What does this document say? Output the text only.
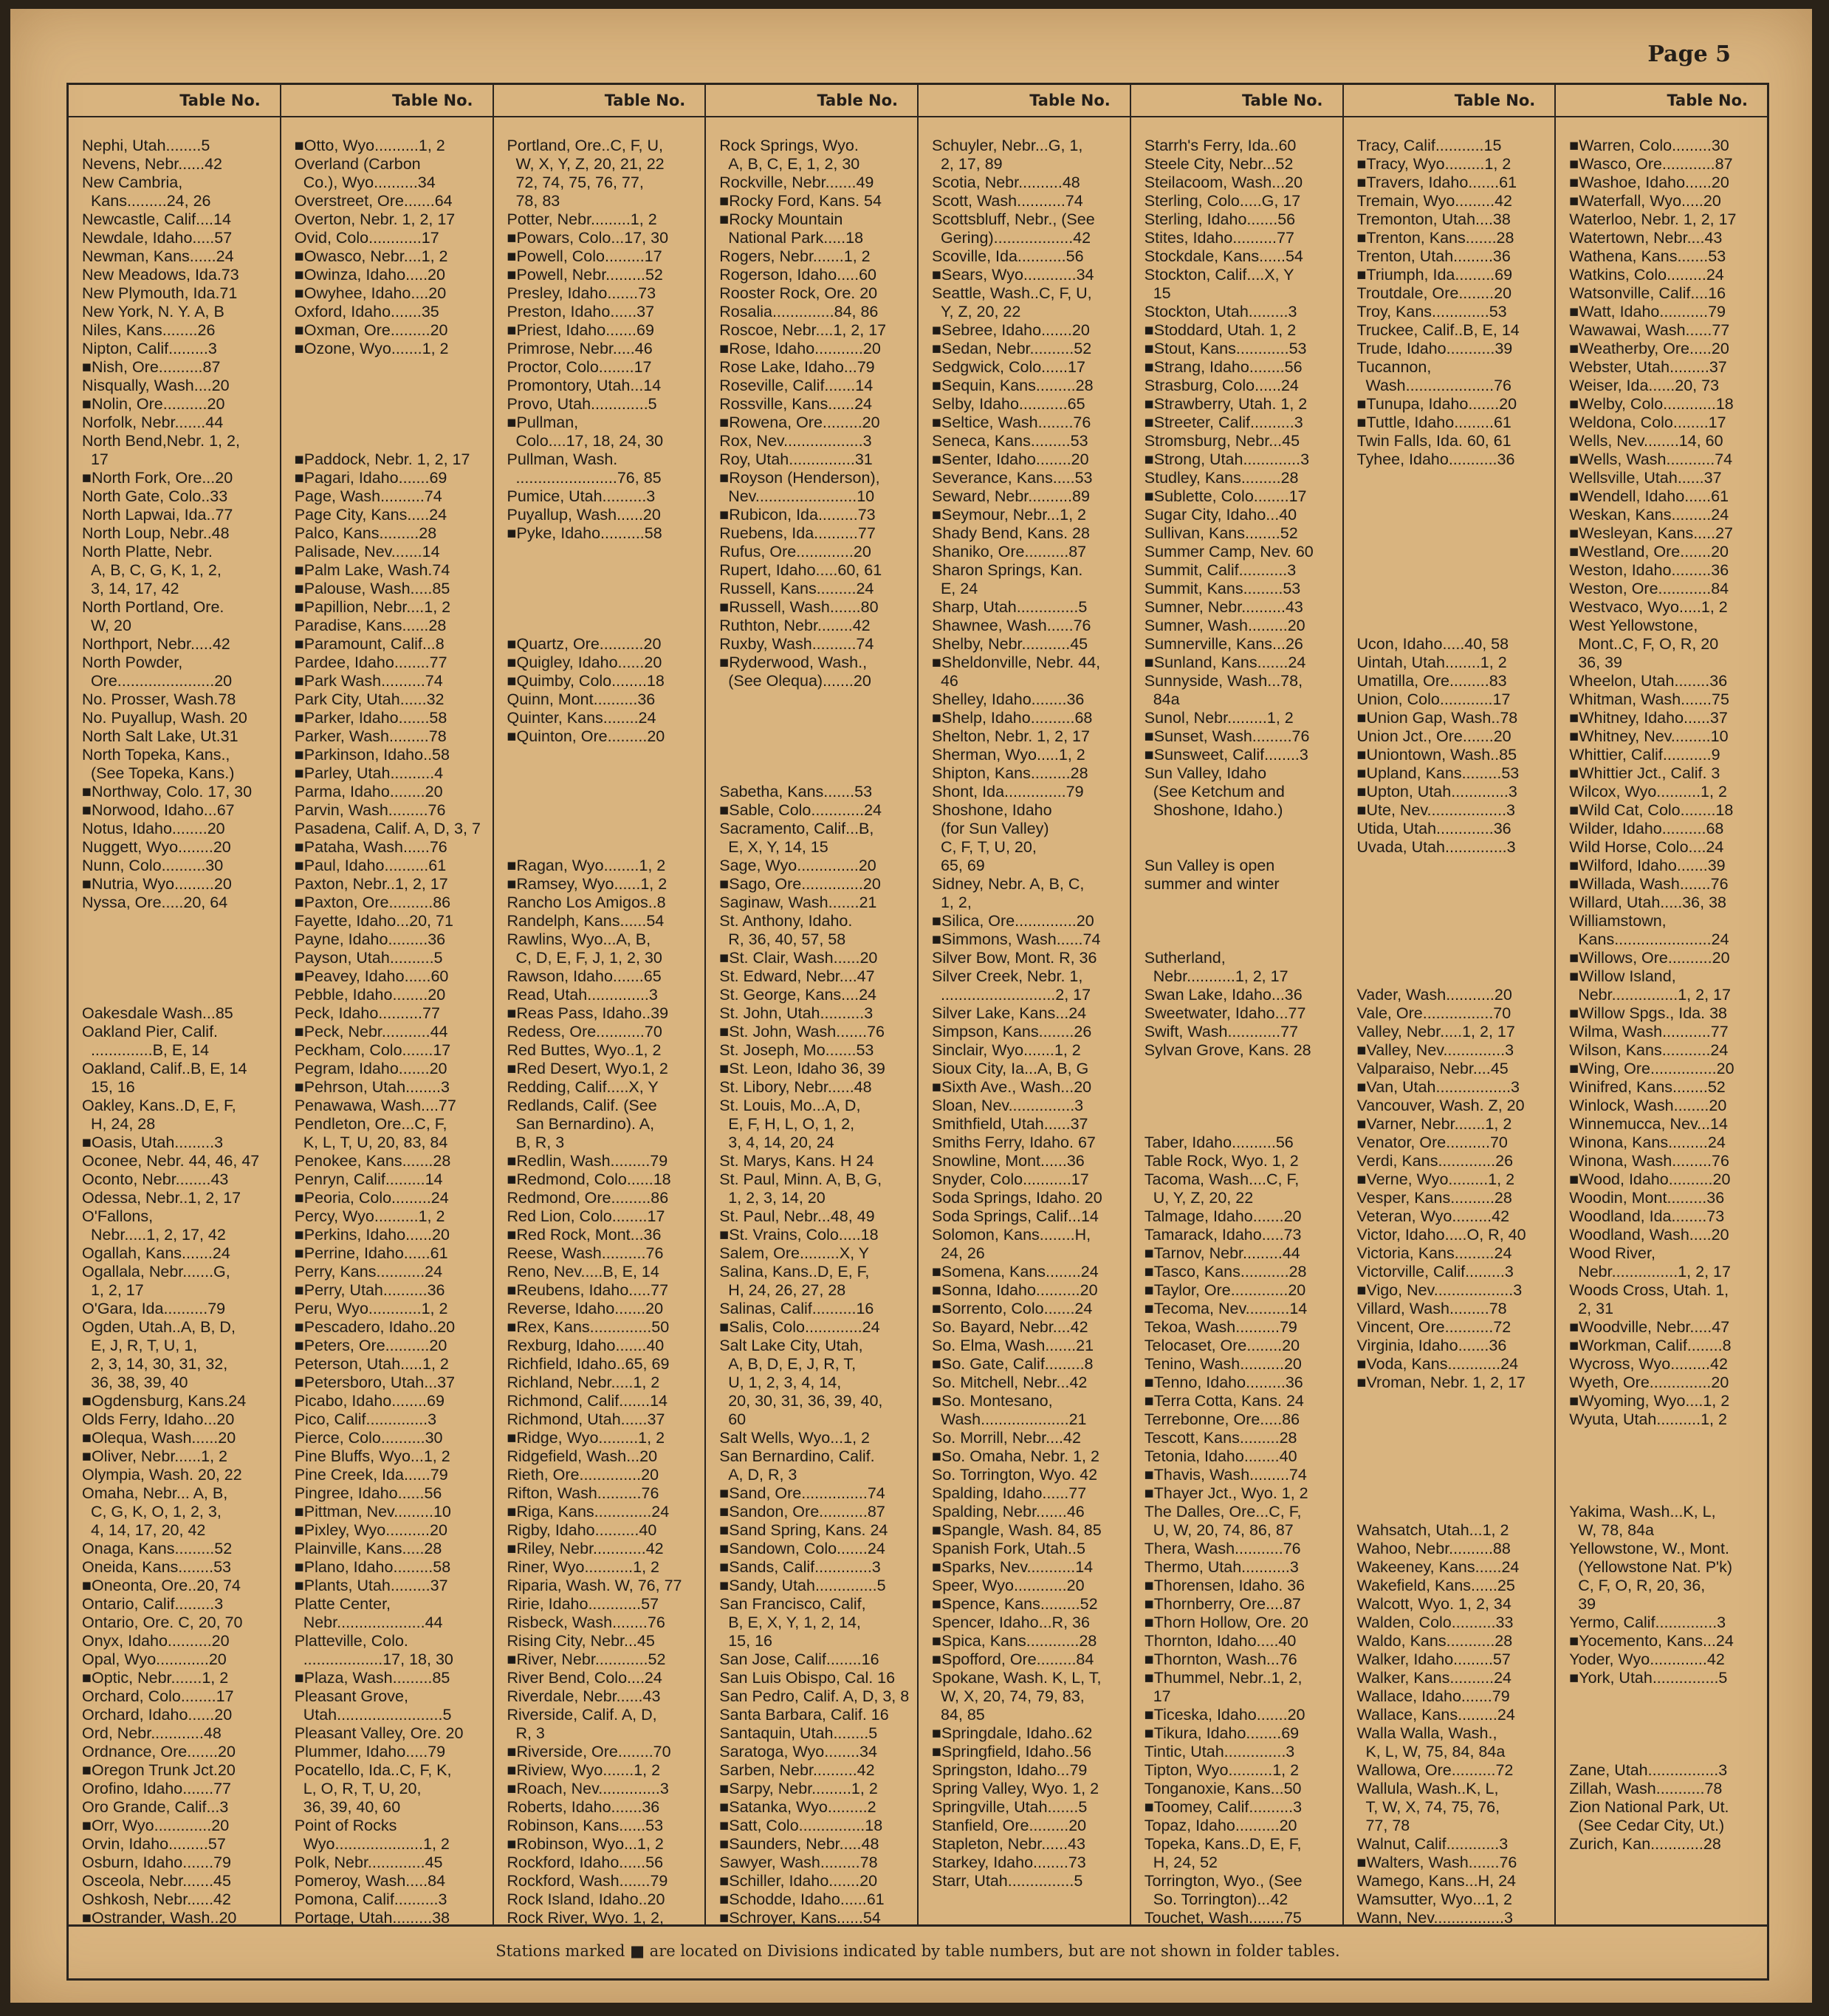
Page 5
Table No.
Nephi, Utah........5
Nevens, Nebr......42
New Cambria,
Kans.........24, 26
Newcastle, Calif....14
Newdale, Idaho.....57
Newman, Kans......24
New Meadows, Ida.73
New Plymouth, Ida.71
New York, N. Y. A, B
Niles, Kans........26
Nipton, Calif.........3
■Nish, Ore..........87
Nisqually, Wash....20
■Nolin, Ore..........20
Norfolk, Nebr.......44
North Bend,Nebr. 1, 2,
17
■North Fork, Ore...20
North Gate, Colo..33
North Lapwai, Ida..77
North Loup, Nebr..48
North Platte, Nebr.
A, B, C, G, K, 1, 2,
3, 14, 17, 42
North Portland, Ore.
W, 20
Northport, Nebr.....42
North Powder,
Ore......................20
No. Prosser, Wash.78
No. Puyallup, Wash. 20
North Salt Lake, Ut.31
North Topeka, Kans.,
(See Topeka, Kans.)
■Northway, Colo. 17, 30
■Norwood, Idaho...67
Notus, Idaho........20
Nuggett, Wyo........20
Nunn, Colo..........30
■Nutria, Wyo.........20
Nyssa, Ore.....20, 64

Oakesdale Wash...85
Oakland Pier, Calif.
..............B, E, 14
Oakland, Calif..B, E, 14
15, 16
Oakley, Kans..D, E, F,
H, 24, 28
■Oasis, Utah.........3
Oconee, Nebr. 44, 46, 47
Oconto, Nebr........43
Odessa, Nebr..1, 2, 17
O'Fallons,
Nebr.....1, 2, 17, 42
Ogallah, Kans.......24
Ogallala, Nebr.......G,
1, 2, 17
O'Gara, Ida..........79
Ogden, Utah..A, B, D,
E, J, R, T, U, 1,
2, 3, 14, 30, 31, 32,
36, 38, 39, 40
■Ogdensburg, Kans.24
Olds Ferry, Idaho...20
■Olequa, Wash......20
■Oliver, Nebr......1, 2
Olympia, Wash. 20, 22
Omaha, Nebr... A, B,
C, G, K, O, 1, 2, 3,
4, 14, 17, 20, 42
Onaga, Kans.........52
Oneida, Kans........53
■Oneonta, Ore..20, 74
Ontario, Calif.........3
Ontario, Ore. C, 20, 70
Onyx, Idaho..........20
Opal, Wyo............20
■Optic, Nebr.......1, 2
Orchard, Colo........17
Orchard, Idaho......20
Ord, Nebr............48
Ordnance, Ore.......20
■Oregon Trunk Jct.20
Orofino, Idaho.......77
Oro Grande, Calif...3
■Orr, Wyo.............20
Orvin, Idaho.........57
Osburn, Idaho.......79
Osceola, Nebr.......45
Oshkosh, Nebr......42
■Ostrander, Wash..20
Table No.
■Otto, Wyo..........1, 2
Overland (Carbon
Co.), Wyo..........34
Overstreet, Ore.......64
Overton, Nebr. 1, 2, 17
Ovid, Colo............17
■Owasco, Nebr....1, 2
■Owinza, Idaho.....20
■Owyhee, Idaho....20
Oxford, Idaho.......35
■Oxman, Ore.........20
■Ozone, Wyo.......1, 2

■Paddock, Nebr. 1, 2, 17
■Pagari, Idaho.......69
Page, Wash..........74
Page City, Kans.....24
Palco, Kans.........28
Palisade, Nev.......14
■Palm Lake, Wash.74
■Palouse, Wash.....85
■Papillion, Nebr....1, 2
Paradise, Kans......28
■Paramount, Calif...8
Pardee, Idaho........77
■Park Wash..........74
Park City, Utah......32
■Parker, Idaho.......58
Parker, Wash.........78
■Parkinson, Idaho..58
■Parley, Utah..........4
Parma, Idaho........20
Parvin, Wash.........76
Pasadena, Calif. A, D, 3, 7
■Pataha, Wash......76
■Paul, Idaho..........61
Paxton, Nebr..1, 2, 17
■Paxton, Ore..........86
Fayette, Idaho...20, 71
Payne, Idaho.........36
Payson, Utah..........5
■Peavey, Idaho......60
Pebble, Idaho........20
Peck, Idaho..........77
■Peck, Nebr...........44
Peckham, Colo.......17
Pegram, Idaho.......20
■Pehrson, Utah........3
Penawawa, Wash....77
Pendleton, Ore...C, F,
K, L, T, U, 20, 83, 84
Penokee, Kans.......28
Penryn, Calif.........14
■Peoria, Colo.........24
Percy, Wyo..........1, 2
■Perkins, Idaho......20
■Perrine, Idaho......61
Perry, Kans...........24
■Perry, Utah..........36
Peru, Wyo............1, 2
■Pescadero, Idaho..20
■Peters, Ore..........20
Peterson, Utah.....1, 2
■Petersboro, Utah...37
Picabo, Idaho........69
Pico, Calif..............3
Pierce, Colo..........30
Pine Bluffs, Wyo...1, 2
Pine Creek, Ida......79
Pingree, Idaho......56
■Pittman, Nev.........10
■Pixley, Wyo..........20
Plainville, Kans.....28
■Plano, Idaho.........58
■Plants, Utah.........37
Platte Center,
Nebr....................44
Platteville, Colo.
..................17, 18, 30
■Plaza, Wash.........85
Pleasant Grove,
Utah........................5
Pleasant Valley, Ore. 20
Plummer, Idaho.....79
Pocatello, Ida..C, F, K,
L, O, R, T, U, 20,
36, 39, 40, 60
Point of Rocks
Wyo....................1, 2
Polk, Nebr.............45
Pomeroy, Wash.....84
Pomona, Calif..........3
Portage, Utah.........38
Table No.
Portland, Ore..C, F, U,
W, X, Y, Z, 20, 21, 22
72, 74, 75, 76, 77,
78, 83
Potter, Nebr.........1, 2
■Powars, Colo...17, 30
■Powell, Colo.........17
■Powell, Nebr.........52
Presley, Idaho.......73
Preston, Idaho......37
■Priest, Idaho.......69
Primrose, Nebr.....46
Proctor, Colo........17
Promontory, Utah...14
Provo, Utah.............5
■Pullman,
Colo....17, 18, 24, 30
Pullman, Wash.
.......................76, 85
Pumice, Utah..........3
Puyallup, Wash......20
■Pyke, Idaho..........58

■Quartz, Ore..........20
■Quigley, Idaho......20
■Quimby, Colo........18
Quinn, Mont..........36
Quinter, Kans........24
■Quinton, Ore.........20

■Ragan, Wyo........1, 2
■Ramsey, Wyo......1, 2
Rancho Los Amigos..8
Randelph, Kans......54
Rawlins, Wyo...A, B,
C, D, E, F, J, 1, 2, 30
Rawson, Idaho.......65
Read, Utah..............3
■Reas Pass, Idaho..39
Redess, Ore...........70
Red Buttes, Wyo..1, 2
■Red Desert, Wyo.1, 2
Redding, Calif.....X, Y
Redlands, Calif. (See
San Bernardino). A,
B, R, 3
■Redlin, Wash.........79
■Redmond, Colo......18
Redmond, Ore.........86
Red Lion, Colo........17
■Red Rock, Mont...36
Reese, Wash..........76
Reno, Nev.....B, E, 14
■Reubens, Idaho.....77
Reverse, Idaho.......20
■Rex, Kans..............50
Rexburg, Idaho.......40
Richfield, Idaho..65, 69
Richland, Nebr.....1, 2
Richmond, Calif.......14
Richmond, Utah......37
■Ridge, Wyo.........1, 2
Ridgefield, Wash...20
Rieth, Ore..............20
Rifton, Wash..........76
■Riga, Kans.............24
Rigby, Idaho..........40
■Riley, Nebr............42
Riner, Wyo...........1, 2
Riparia, Wash. W, 76, 77
Ririe, Idaho............57
Risbeck, Wash........76
Rising City, Nebr...45
■River, Nebr............52
River Bend, Colo....24
Riverdale, Nebr......43
Riverside, Calif. A, D,
R, 3
■Riverside, Ore........70
■Riview, Wyo.......1, 2
■Roach, Nev..............3
Roberts, Idaho.......36
Robinson, Kans......53
■Robinson, Wyo...1, 2
Rockford, Idaho......56
Rockford, Wash.......79
Rock Island, Idaho..20
Rock River, Wyo. 1, 2,
Table No.
Rock Springs, Wyo.
A, B, C, E, 1, 2, 30
Rockville, Nebr.......49
■Rocky Ford, Kans. 54
■Rocky Mountain
National Park.....18
Rogers, Nebr.......1, 2
Rogerson, Idaho.....60
Rooster Rock, Ore. 20
Rosalia..............84, 86
Roscoe, Nebr....1, 2, 17
■Rose, Idaho...........20
Rose Lake, Idaho...79
Roseville, Calif.......14
Rossville, Kans......24
■Rowena, Ore.........20
Rox, Nev..................3
Roy, Utah...............31
■Royson (Henderson),
Nev.......................10
■Rubicon, Ida.........73
Ruebens, Ida..........77
Rufus, Ore.............20
Rupert, Idaho.....60, 61
Russell, Kans.........24
■Russell, Wash.......80
Ruthton, Nebr........42
Ruxby, Wash..........74
■Ryderwood, Wash.,
(See Olequa).......20

Sabetha, Kans.......53
■Sable, Colo............24
Sacramento, Calif...B,
E, X, Y, 14, 15
Sage, Wyo..............20
■Sago, Ore..............20
Saginaw, Wash.......21
St. Anthony, Idaho.
R, 36, 40, 57, 58
■St. Clair, Wash......20
St. Edward, Nebr....47
St. George, Kans....24
St. John, Utah..........3
■St. John, Wash.......76
St. Joseph, Mo.......53
■St. Leon, Idaho 36, 39
St. Libory, Nebr......48
St. Louis, Mo...A, D,
E, F, H, L, O, 1, 2,
3, 4, 14, 20, 24
St. Marys, Kans. H 24
St. Paul, Minn. A, B, G,
1, 2, 3, 14, 20
St. Paul, Nebr...48, 49
■St. Vrains, Colo.....18
Salem, Ore.........X, Y
Salina, Kans..D, E, F,
H, 24, 26, 27, 28
Salinas, Calif..........16
■Salis, Colo.............24
Salt Lake City, Utah,
A, B, D, E, J, R, T,
U, 1, 2, 3, 4, 14,
20, 30, 31, 36, 39, 40,
60
Salt Wells, Wyo...1, 2
San Bernardino, Calif.
A, D, R, 3
■Sand, Ore...............74
■Sandon, Ore...........87
■Sand Spring, Kans. 24
■Sandown, Colo.......24
■Sands, Calif.............3
■Sandy, Utah..............5
San Francisco, Calif,
B, E, X, Y, 1, 2, 14,
15, 16
San Jose, Calif........16
San Luis Obispo, Cal. 16
San Pedro, Calif. A, D, 3, 8
Santa Barbara, Calif. 16
Santaquin, Utah........5
Saratoga, Wyo........34
Sarben, Nebr..........42
■Sarpy, Nebr.........1, 2
■Satanka, Wyo.........2
■Satt, Colo...............18
■Saunders, Nebr.....48
Sawyer, Wash.........78
■Schiller, Idaho.......20
■Schodde, Idaho......61
■Schroyer, Kans......54
Table No.
Schuyler, Nebr...G, 1,
2, 17, 89
Scotia, Nebr..........48
Scott, Wash...........74
Scottsbluff, Nebr., (See
Gering)..................42
Scoville, Ida...........56
■Sears, Wyo............34
Seattle, Wash..C, F, U,
Y, Z, 20, 22
■Sebree, Idaho.......20
■Sedan, Nebr..........52
Sedgwick, Colo......17
■Sequin, Kans.........28
Selby, Idaho...........65
■Seltice, Wash........76
Seneca, Kans.........53
■Senter, Idaho........20
Severance, Kans.....53
Seward, Nebr..........89
■Seymour, Nebr...1, 2
Shady Bend, Kans. 28
Shaniko, Ore..........87
Sharon Springs, Kan.
E, 24
Sharp, Utah..............5
Shawnee, Wash......76
Shelby, Nebr...........45
■Sheldonville, Nebr. 44,
46
Shelley, Idaho........36
■Shelp, Idaho..........68
Shelton, Nebr. 1, 2, 17
Sherman, Wyo.....1, 2
Shipton, Kans.........28
Shont, Ida..............79
Shoshone, Idaho
(for Sun Valley)
C, F, T, U, 20,
65, 69
Sidney, Nebr. A, B, C,
1, 2,
■Silica, Ore..............20
■Simmons, Wash......74
Silver Bow, Mont. R, 36
Silver Creek, Nebr. 1,
..........................2, 17
Silver Lake, Kans...24
Simpson, Kans........26
Sinclair, Wyo.......1, 2
Sioux City, Ia...A, B, G
■Sixth Ave., Wash...20
Sloan, Nev...............3
Smithfield, Utah......37
Smiths Ferry, Idaho. 67
Snowline, Mont......36
Snyder, Colo...........17
Soda Springs, Idaho. 20
Soda Springs, Calif...14
Solomon, Kans........H,
24, 26
■Somena, Kans........24
■Sonna, Idaho..........20
■Sorrento, Colo.......24
So. Bayard, Nebr....42
So. Elma, Wash.......21
■So. Gate, Calif.........8
So. Mitchell, Nebr...42
■So. Montesano,
Wash....................21
So. Morrill, Nebr....42
■So. Omaha, Nebr. 1, 2
So. Torrington, Wyo. 42
Spalding, Idaho......77
Spalding, Nebr.......46
■Spangle, Wash. 84, 85
Spanish Fork, Utah..5
■Sparks, Nev...........14
Speer, Wyo............20
■Spence, Kans.........52
Spencer, Idaho...R, 36
■Spica, Kans............28
■Spofford, Ore.........84
Spokane, Wash. K, L, T,
W, X, 20, 74, 79, 83,
84, 85
■Springdale, Idaho..62
■Springfield, Idaho..56
Springston, Idaho...79
Spring Valley, Wyo. 1, 2
Springville, Utah.......5
Stanfield, Ore.........20
Stapleton, Nebr......43
Starkey, Idaho........73
Starr, Utah...............5
Table No.
Starrh's Ferry, Ida..60
Steele City, Nebr...52
Steilacoom, Wash...20
Sterling, Colo.....G, 17
Sterling, Idaho.......56
Stites, Idaho..........77
Stockdale, Kans......54
Stockton, Calif....X, Y
15
Stockton, Utah.........3
■Stoddard, Utah. 1, 2
■Stout, Kans............53
■Strang, Idaho........56
Strasburg, Colo......24
■Strawberry, Utah. 1, 2
■Streeter, Calif..........3
Stromsburg, Nebr...45
■Strong, Utah.............3
Studley, Kans.........28
■Sublette, Colo........17
Sugar City, Idaho...40
Sullivan, Kans........52
Summer Camp, Nev. 60
Summit, Calif...........3
Summit, Kans.........53
Sumner, Nebr..........43
Sumner, Wash.........20
Sumnerville, Kans...26
■Sunland, Kans.......24
Sunnyside, Wash...78,
84a
Sunol, Nebr.........1, 2
■Sunset, Wash.........76
■Sunsweet, Calif........3
Sun Valley, Idaho
(See Ketchum and
Shoshone, Idaho.)

Sun Valley is open
summer and winter

Sutherland,
Nebr...........1, 2, 17
Swan Lake, Idaho...36
Sweetwater, Idaho...77
Swift, Wash............77
Sylvan Grove, Kans. 28

Taber, Idaho..........56
Table Rock, Wyo. 1, 2
Tacoma, Wash....C, F,
U, Y, Z, 20, 22
Talmage, Idaho.......20
Tamarack, Idaho.....73
■Tarnov, Nebr.........44
■Tasco, Kans...........28
■Taylor, Ore.............20
■Tecoma, Nev..........14
Tekoa, Wash..........79
Telocaset, Ore........20
Tenino, Wash..........20
■Tenno, Idaho.........36
■Terra Cotta, Kans. 24
Terrebonne, Ore.....86
Tescott, Kans.........28
Tetonia, Idaho........40
■Thavis, Wash.........74
■Thayer Jct., Wyo. 1, 2
The Dalles, Ore...C, F,
U, W, 20, 74, 86, 87
Thera, Wash...........76
Thermo, Utah...........3
■Thorensen, Idaho. 36
■Thornberry, Ore....87
■Thorn Hollow, Ore. 20
Thornton, Idaho.....40
■Thornton, Wash...76
■Thummel, Nebr..1, 2,
17
■Ticeska, Idaho.......20
■Tikura, Idaho........69
Tintic, Utah..............3
Tipton, Wyo..........1, 2
Tonganoxie, Kans...50
■Toomey, Calif..........3
Topaz, Idaho..........20
Topeka, Kans..D, E, F,
H, 24, 52
Torrington, Wyo., (See
So. Torrington)...42
Touchet, Wash........75
Table No.
Tracy, Calif...........15
■Tracy, Wyo.........1, 2
■Travers, Idaho.......61
Tremain, Wyo.........42
Tremonton, Utah....38
■Trenton, Kans.......28
Trenton, Utah.........36
■Triumph, Ida.........69
Troutdale, Ore........20
Troy, Kans.............53
Truckee, Calif..B, E, 14
Trude, Idaho...........39
Tucannon,
Wash....................76
■Tunupa, Idaho.......20
■Tuttle, Idaho.........61
Twin Falls, Ida. 60, 61
Tyhee, Idaho...........36

Ucon, Idaho.....40, 58
Uintah, Utah........1, 2
Umatilla, Ore.........83
Union, Colo............17
■Union Gap, Wash..78
Union Jct., Ore.......20
■Uniontown, Wash..85
■Upland, Kans.........53
■Upton, Utah.............3
■Ute, Nev..................3
Utida, Utah.............36
Uvada, Utah..............3

Vader, Wash...........20
Vale, Ore................70
Valley, Nebr.....1, 2, 17
■Valley, Nev..............3
Valparaiso, Nebr....45
■Van, Utah.................3
Vancouver, Wash. Z, 20
■Varner, Nebr.......1, 2
Venator, Ore..........70
Verdi, Kans.............26
■Verne, Wyo.........1, 2
Vesper, Kans..........28
Veteran, Wyo.........42
Victor, Idaho.....O, R, 40
Victoria, Kans.........24
Victorville, Calif.........3
■Vigo, Nev..................3
Villard, Wash.........78
Vincent, Ore...........72
Virginia, Idaho.......36
■Voda, Kans............24
■Vroman, Nebr. 1, 2, 17

Wahsatch, Utah...1, 2
Wahoo, Nebr..........88
Wakeeney, Kans......24
Wakefield, Kans......25
Walcott, Wyo. 1, 2, 34
Walden, Colo..........33
Waldo, Kans...........28
Walker, Idaho.........57
Walker, Kans..........24
Wallace, Idaho.......79
Wallace, Kans.........24
Walla Walla, Wash.,
K, L, W, 75, 84, 84a
Wallowa, Ore..........72
Wallula, Wash..K, L,
T, W, X, 74, 75, 76,
77, 78
Walnut, Calif............3
■Walters, Wash.......76
Wamego, Kans...H, 24
Wamsutter, Wyo...1, 2
Wann, Nev................3
Table No.
■Warren, Colo.........30
■Wasco, Ore............87
■Washoe, Idaho......20
■Waterfall, Wyo.....20
Waterloo, Nebr. 1, 2, 17
Watertown, Nebr....43
Wathena, Kans.......53
Watkins, Colo.........24
Watsonville, Calif....16
■Watt, Idaho...........79
Wawawai, Wash......77
■Weatherby, Ore.....20
Webster, Utah.........37
Weiser, Ida......20, 73
■Welby, Colo............18
Weldona, Colo........17
Wells, Nev........14, 60
■Wells, Wash...........74
Wellsville, Utah......37
■Wendell, Idaho......61
Weskan, Kans.........24
■Wesleyan, Kans.....27
■Westland, Ore.......20
Weston, Idaho.........36
Weston, Ore............84
Westvaco, Wyo.....1, 2
West Yellowstone,
Mont..C, F, O, R, 20
36, 39
Wheelon, Utah........36
Whitman, Wash.......75
■Whitney, Idaho......37
■Whitney, Nev.........10
Whittier, Calif...........9
■Whittier Jct., Calif. 3
Wilcox, Wyo..........1, 2
■Wild Cat, Colo........18
Wilder, Idaho..........68
Wild Horse, Colo....24
■Wilford, Idaho.......39
■Willada, Wash.......76
Willard, Utah.....36, 38
Williamstown,
Kans......................24
■Willows, Ore..........20
■Willow Island,
Nebr...............1, 2, 17
■Willow Spgs., Ida. 38
Wilma, Wash...........77
Wilson, Kans...........24
■Wing, Ore...............20
Winifred, Kans........52
Winlock, Wash........20
Winnemucca, Nev...14
Winona, Kans.........24
Winona, Wash.........76
■Wood, Idaho..........20
Woodin, Mont.........36
Woodland, Ida........73
Woodland, Wash.....20
Wood River,
Nebr...............1, 2, 17
Woods Cross, Utah. 1,
2, 31
■Woodville, Nebr.....47
■Workman, Calif........8
Wycross, Wyo.........42
Wyeth, Ore..............20
■Wyoming, Wyo....1, 2
Wyuta, Utah..........1, 2

Yakima, Wash...K, L,
W, 78, 84a
Yellowstone, W., Mont.
(Yellowstone Nat. P'k)
C, F, O, R, 20, 36,
39
Yermo, Calif..............3
■Yocemento, Kans...24
Yoder, Wyo.............42
■York, Utah...............5

Zane, Utah................3
Zillah, Wash...........78
Zion National Park, Ut.
(See Cedar City, Ut.)
Zurich, Kan............28
Stations marked ■ are located on Divisions indicated by table numbers, but are not shown in folder tables.
